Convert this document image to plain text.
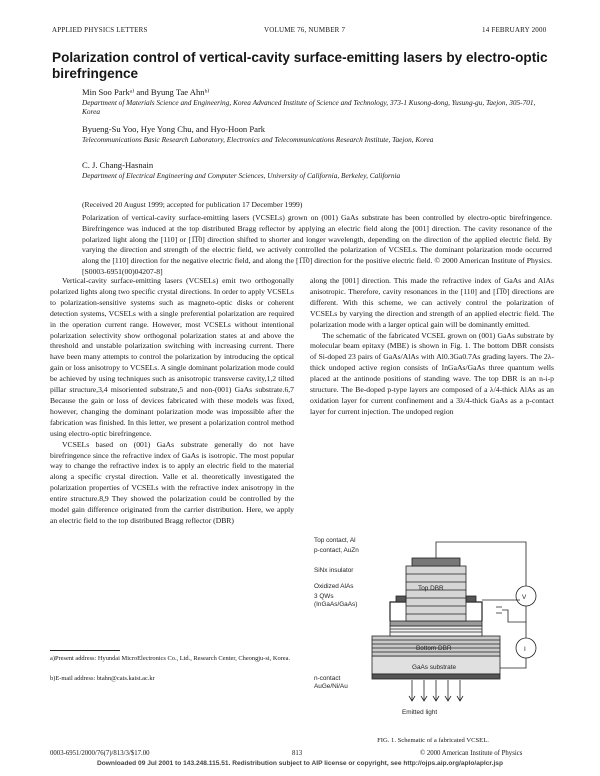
APPLIED PHYSICS LETTERS	VOLUME 76, NUMBER 7	14 FEBRUARY 2000
Polarization control of vertical-cavity surface-emitting lasers by electro-optic birefringence
Min Soo Parkᵃ⁾ and Byung Tae Ahnᵇ⁾
Department of Materials Science and Engineering, Korea Advanced Institute of Science and Technology, 373-1 Kusong-dong, Yusung-gu, Taejon, 305-701, Korea
Byueng-Su Yoo, Hye Yong Chu, and Hyo-Hoon Park
Telecommunications Basic Research Laboratory, Electronics and Telecommunications Research Institute, Taejon, Korea
C. J. Chang-Hasnain
Department of Electrical Engineering and Computer Sciences, University of California, Berkeley, California
(Received 20 August 1999; accepted for publication 17 December 1999)

Polarization of vertical-cavity surface-emitting lasers (VCSELs) grown on (001) GaAs substrate has been controlled by electro-optic birefringence. Birefringence was induced at the top distributed Bragg reflector by applying an electric field along the [001] direction. The cavity resonance of the polarized light along the [110] or [1̅1̅0] direction shifted to shorter and longer wavelength, depending on the direction of the applied electric field. By varying the direction and strength of the electric field, we actively controlled the polarization of VCSELs. The dominant polarization mode occurred along the [110] direction for the negative electric field, and along the [1̅1̅0] direction for the positive electric field. © 2000 American Institute of Physics. [S0003-6951(00)04207-8]

Vertical-cavity surface-emitting lasers (VCSELs) emit two orthogonally polarized lights along two specific crystal directions. In order to apply VCSELs to polarization-sensitive systems such as magneto-optic disks or coherent detection systems, VCSELs with a single preferential polarization are required in the operation current range. However, most VCSELs without intentional polarization selectivity show orthogonal polarization states at and above the threshold and unstable polarization switching with increasing current. There have been many attempts to control the polarization by introducing the optical gain or loss anisotropy to VCSELs. A single dominant polarization mode could be achieved by using techniques such as anisotropic transverse cavity,1,2 tilted pillar structure,3,4 misoriented substrate,5 and non-(001) GaAs substrate.6,7 Because the gain or loss of devices fabricated with these models was fixed, however, changing the dominant polarization mode was impossible after the fabrication was finished. In this letter, we present a polarization control method using electro-optic birefringence.

VCSELs based on (001) GaAs substrate generally do not have birefringence since the refractive index of GaAs is isotropic. The most popular way to change the refractive index is to apply an electric field to the material along a specific crystal direction. Valle et al. theoretically investigated the polarization properties of VCSELs with the refractive index anisotropy in the entire structure.8,9 They showed the polarization could be controlled by the model gain difference originated from the carrier distribution. Here, we apply an electric field to the top distributed Bragg reflector (DBR)

along the [001] direction. This made the refractive index of GaAs and AlAs anisotropic. Therefore, cavity resonances in the [110] and [1̅1̅0] directions are different. With this scheme, we can actively control the polarization of VCSELs by varying the direction and strength of an applied electric field. The polarization mode with a larger optical gain will be dominantly emitted.

The schematic of the fabricated VCSEL grown on (001) GaAs substrate by molecular beam epitaxy (MBE) is shown in Fig. 1. The bottom DBR consists of Si-doped 23 pairs of GaAs/AlAs with Al0.3Ga0.7As grading layers. The 2λ-thick undoped active region consists of InGaAs/GaAs three quantum wells placed at the antinode positions of standing wave. The top DBR is an n-i-p structure. The Be-doped p-type layers are composed of a λ/4-thick AlAs as an oxidation layer for current confinement and a 3λ/4-thick GaAs as a p-contact layer for current injection. The undoped region

a)Present address: Hyundai MicroElectronics Co., Ltd., Research Center, Cheongju-si, Korea.
b)E-mail address: btahn@cais.kaist.ac.kr
Top contact, Al
p-contact, AuZn
SiNx insulator
Oxidized AlAs
3 QWs
(InGaAs/GaAs)
Top DBR
Bottom DBR
GaAs substrate
n-contact
AuGe/Ni/Au
Emitted light
V
I
FIG. 1. Schematic of a fabricated VCSEL.
0003-6951/2000/76(7)/813/3/$17.00	813	© 2000 American Institute of Physics
Downloaded 09 Jul 2001 to 143.248.115.51. Redistribution subject to AIP license or copyright, see http://ojps.aip.org/aplo/aplcr.jsp
